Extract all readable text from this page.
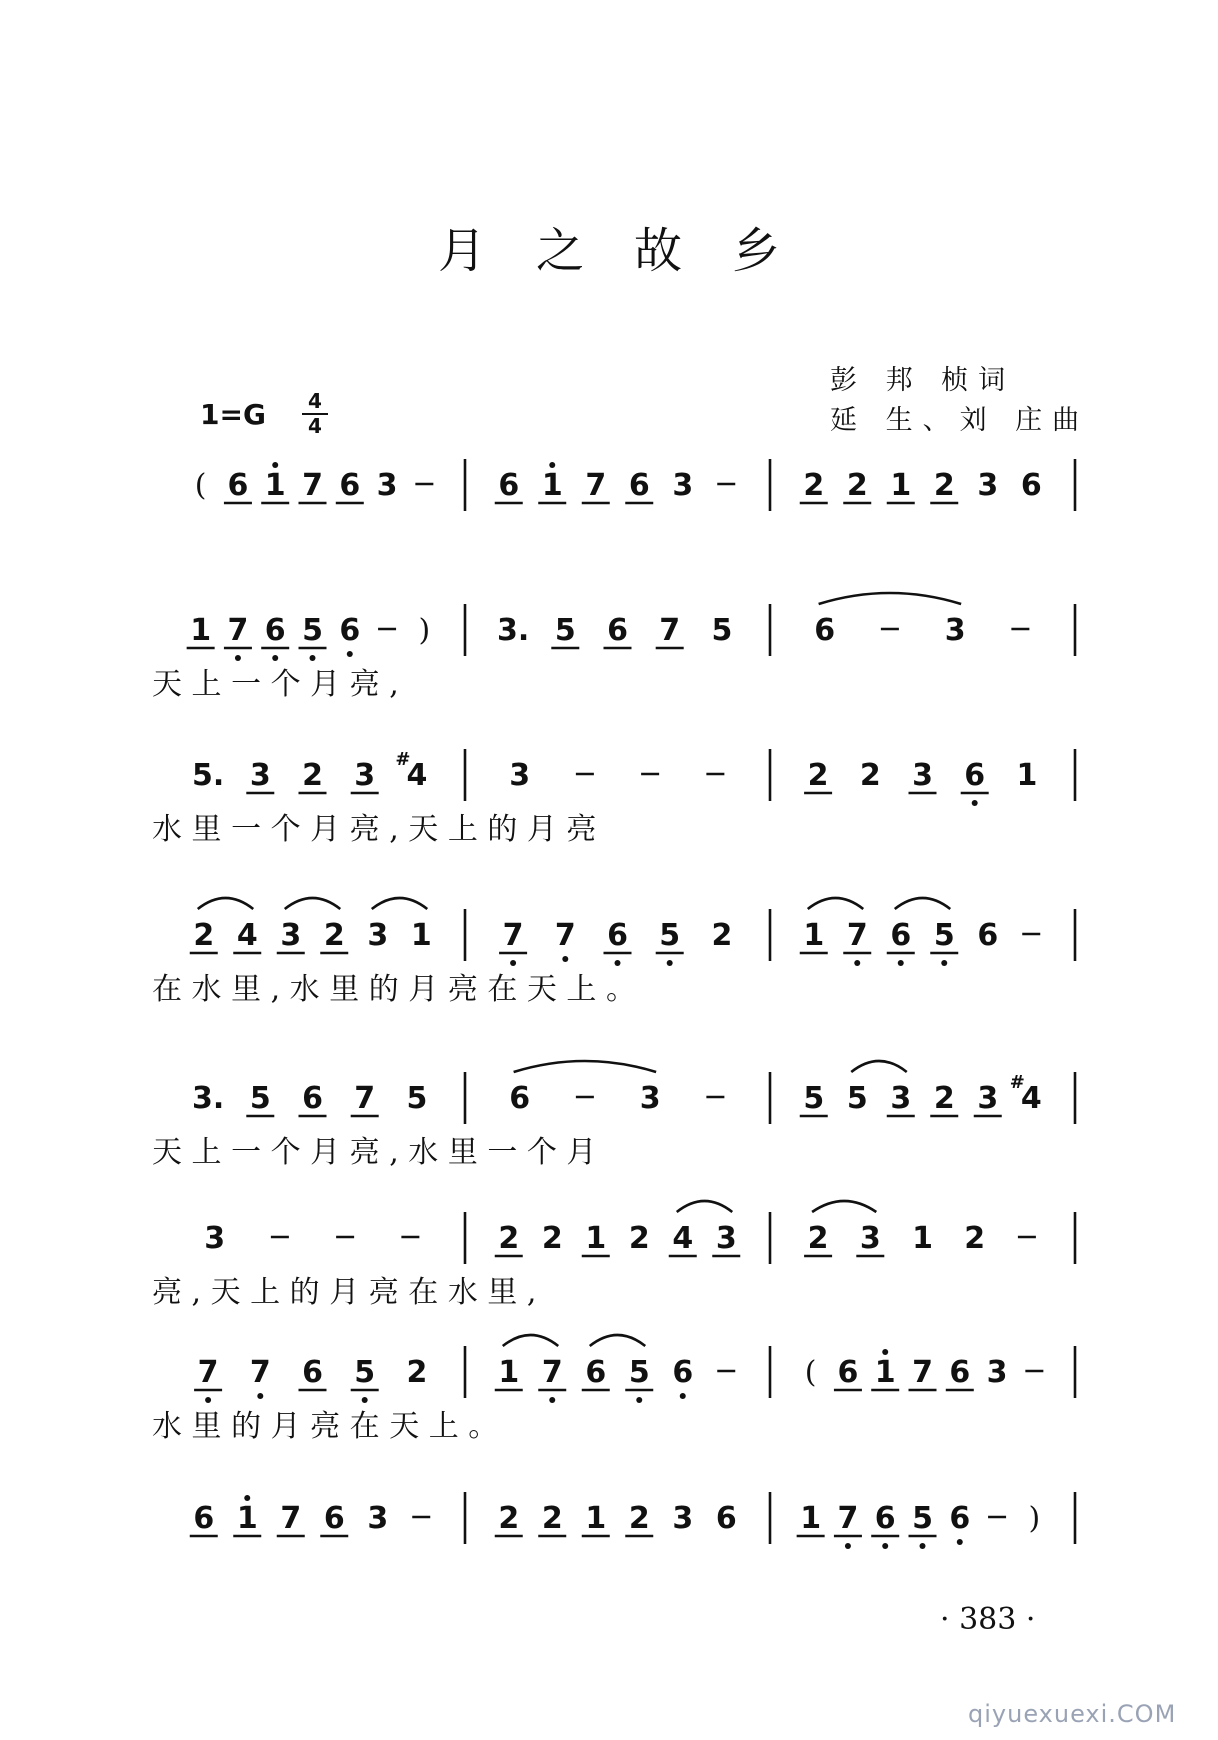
月之故乡
彭 邦 桢词
延 生、刘 庄曲
$1=G \frac{4}{4}$
( 6 1 7 6 3	6 1 7 6 3	2 2 1 2 3 6
1 7 6 5 6 ) 3. 5 6 7 5	6	3
天 上 一 个 月 亮 ,
5. 3 2 3 #
4	3	2 2 3 6 1
水 里 一 个 月 亮 , 天 上 的 月 亮
2 4 3 2 3 1 7 7 6 5 2 1 7 6 5 6
在 水 里 , 水 里 的 月 亮 在 天 上 。
3. 5 6 7 5	6	3	5 5 3 2 3 #
4
天 上 一 个 月 亮 , 水 里 一 个 月
3	2 2 1 2 4 3 2 3 1 2
亮 , 天 上 的 月 亮 在 水 里 ,
7 7 6 5 2 1 7 6 5 6	( 6 1 7 6 3
水 里 的 月 亮 在 天 上 。
6 1 7 6 3	2 2 1 2 3 6 1 7 6 5 6 )
· 383 ·
qiyuexuexi.COM
